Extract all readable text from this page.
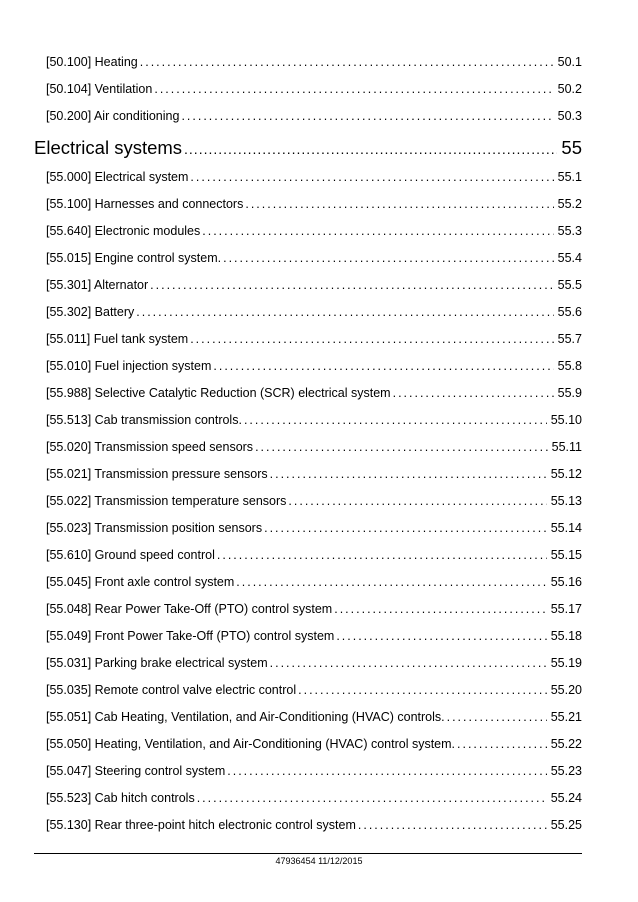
[50.100] Heating .....	50.1
[50.104] Ventilation .....	50.2
[50.200] Air conditioning .....	50.3
Electrical systems .....	55
[55.000] Electrical system .....	55.1
[55.100] Harnesses and connectors .....	55.2
[55.640] Electronic modules .....	55.3
[55.015] Engine control system. .....	55.4
[55.301] Alternator .....	55.5
[55.302] Battery .....	55.6
[55.011] Fuel tank system .....	55.7
[55.010] Fuel injection system .....	55.8
[55.988] Selective Catalytic Reduction (SCR) electrical system .....	55.9
[55.513] Cab transmission controls. .....	55.10
[55.020] Transmission speed sensors .....	55.11
[55.021] Transmission pressure sensors .....	55.12
[55.022] Transmission temperature sensors .....	55.13
[55.023] Transmission position sensors .....	55.14
[55.610] Ground speed control .....	55.15
[55.045] Front axle control system .....	55.16
[55.048] Rear Power Take-Off (PTO) control system .....	55.17
[55.049] Front Power Take-Off (PTO) control system .....	55.18
[55.031] Parking brake electrical system .....	55.19
[55.035] Remote control valve electric control .....	55.20
[55.051] Cab Heating, Ventilation, and Air-Conditioning (HVAC) controls. .....	55.21
[55.050] Heating, Ventilation, and Air-Conditioning (HVAC) control system. .....	55.22
[55.047] Steering control system .....	55.23
[55.523] Cab hitch controls .....	55.24
[55.130] Rear three-point hitch electronic control system .....	55.25
47936454 11/12/2015
